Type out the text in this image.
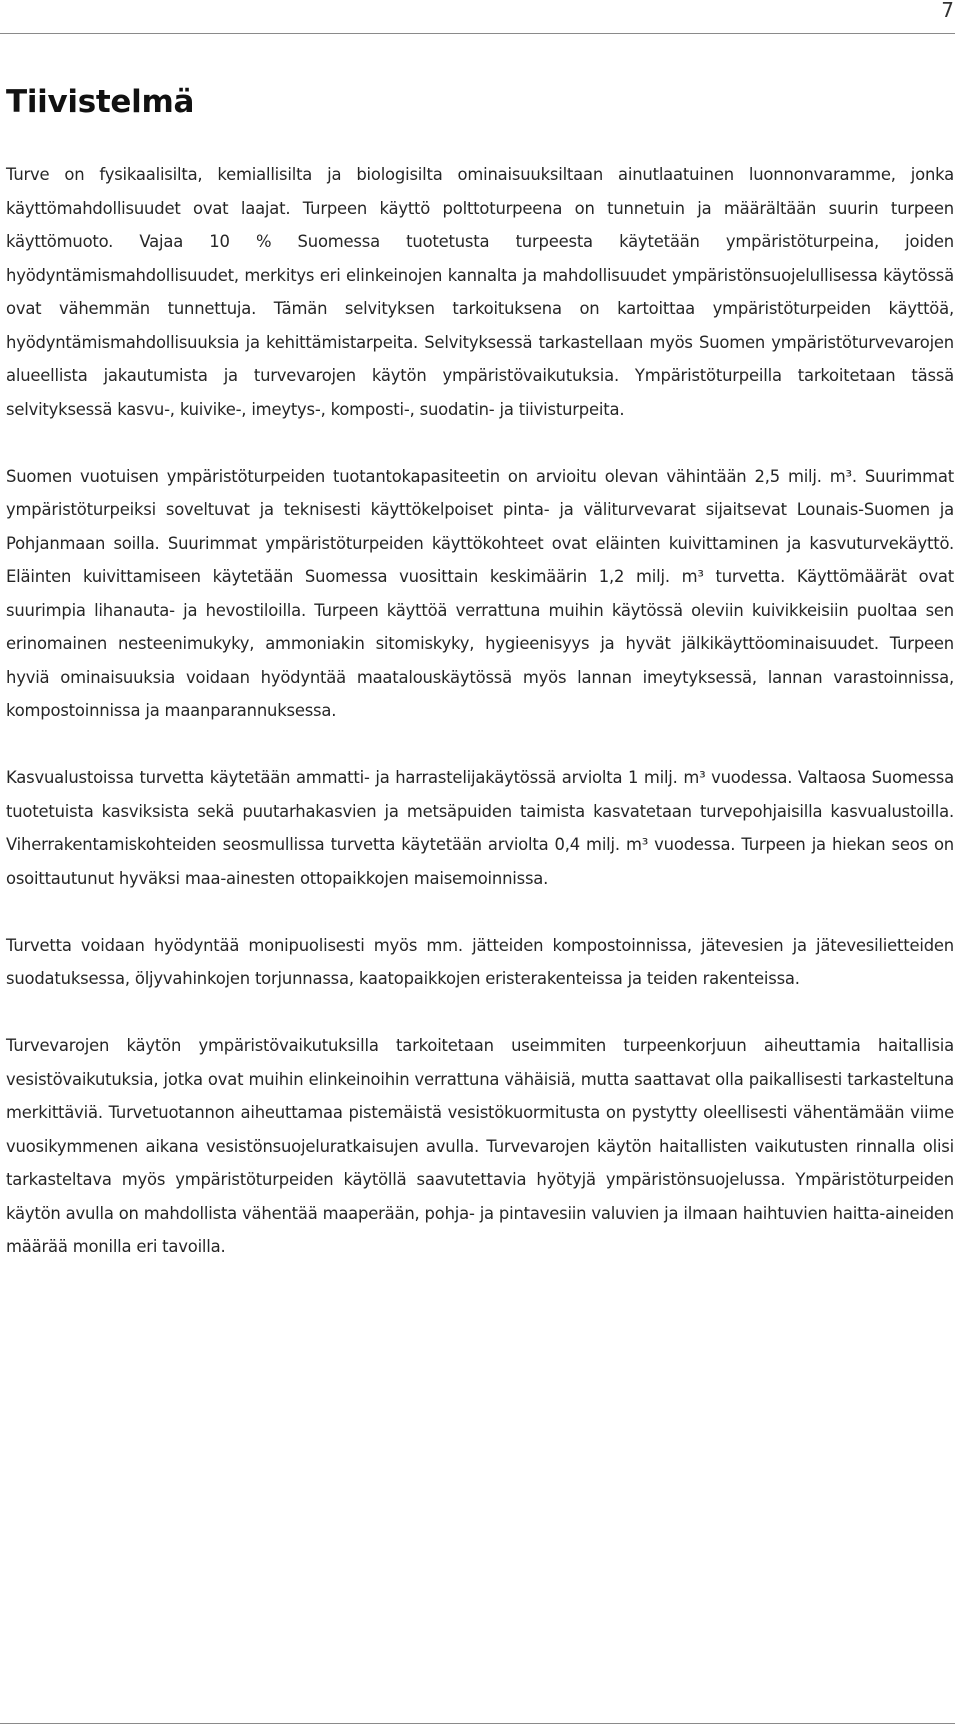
7
Tiivistelmä

Turve on fysikaalisilta, kemiallisilta ja biologisilta ominaisuuksiltaan ainutlaatuinen luonnonvaramme, jonka käyttömahdollisuudet ovat laajat. Turpeen käyttö polttoturpeena on tunnetuin ja määrältään suurin turpeen käyttömuoto. Vajaa 10 % Suomessa tuotetusta turpeesta käytetään ympäristöturpeina, joiden hyödyntämismahdollisuudet, merkitys eri elinkeinojen kannalta ja mahdollisuudet ympäristönsuojelullisessa käytössä ovat vähemmän tunnettuja. Tämän selvityksen tarkoituksena on kartoittaa ympäristöturpeiden käyttöä, hyödyntämismahdollisuuksia ja kehittämistarpeita. Selvityksessä tarkastellaan myös Suomen ympäristöturvevarojen alueellista jakautumista ja turvevarojen käytön ympäristövaikutuksia. Ympäristöturpeilla tarkoitetaan tässä selvityksessä kasvu-, kuivike-, imeytys-, komposti-, suodatin- ja tiivisturpeita.

Suomen vuotuisen ympäristöturpeiden tuotantokapasiteetin on arvioitu olevan vähintään 2,5 milj. m³. Suurimmat ympäristöturpeiksi soveltuvat ja teknisesti käyttökelpoiset pinta- ja väliturvevarat sijaitsevat Lounais-Suomen ja Pohjanmaan soilla. Suurimmat ympäristöturpeiden käyttökohteet ovat eläinten kuivittaminen ja kasvuturvekäyttö. Eläinten kuivittamiseen käytetään Suomessa vuosittain keskimäärin 1,2 milj. m³ turvetta. Käyttömäärät ovat suurimpia lihanauta- ja hevostiloilla. Turpeen käyttöä verrattuna muihin käytössä oleviin kuivikkeisiin puoltaa sen erinomainen nesteenimukyky, ammoniakin sitomiskyky, hygieenisyys ja hyvät jälkikäyttöominaisuudet. Turpeen hyviä ominaisuuksia voidaan hyödyntää maatalouskäytössä myös lannan imeytyksessä, lannan varastoinnissa, kompostoinnissa ja maanparannuksessa.

Kasvualustoissa turvetta käytetään ammatti- ja harrastelijakäytössä arviolta 1 milj. m³ vuodessa. Valtaosa Suomessa tuotetuista kasviksista sekä puutarhakasvien ja metsäpuiden taimista kasvatetaan turvepohjaisilla kasvualustoilla. Viherrakentamiskohteiden seosmullissa turvetta käytetään arviolta 0,4 milj. m³ vuodessa. Turpeen ja hiekan seos on osoittautunut hyväksi maa-ainesten ottopaikkojen maisemoinnissa.

Turvetta voidaan hyödyntää monipuolisesti myös mm. jätteiden kompostoinnissa, jätevesien ja jätevesilietteiden suodatuksessa, öljyvahinkojen torjunnassa, kaatopaikkojen eristerakenteissa ja teiden rakenteissa.

Turvevarojen käytön ympäristövaikutuksilla tarkoitetaan useimmiten turpeenkorjuun aiheuttamia haitallisia vesistövaikutuksia, jotka ovat muihin elinkeinoihin verrattuna vähäisiä, mutta saattavat olla paikallisesti tarkasteltuna merkittäviä. Turvetuotannon aiheuttamaa pistemäistä vesistökuormitusta on pystytty oleellisesti vähentämään viime vuosikymmenen aikana vesistönsuojeluratkaisujen avulla. Turvevarojen käytön haitallisten vaikutusten rinnalla olisi tarkasteltava myös ympäristöturpeiden käytöllä saavutettavia hyötyjä ympäristönsuojelussa. Ympäristöturpeiden käytön avulla on mahdollista vähentää maaperään, pohja- ja pintavesiin valuvien ja ilmaan haihtuvien haitta-aineiden määrää monilla eri tavoilla.
